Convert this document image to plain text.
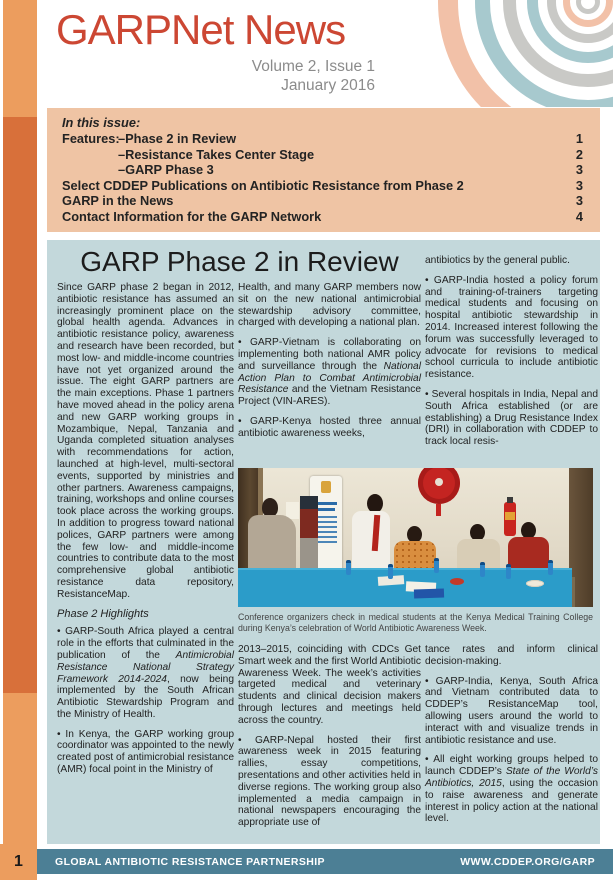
GARPNet News
Volume 2, Issue 1
January 2016
In this issue:
Features:
–Phase 2 in Review	1
–Resistance Takes Center Stage	2
–GARP Phase 3	3
Select CDDEP Publications on Antibiotic Resistance from Phase 2	3
GARP in the News	3
Contact Information for the GARP Network	4
GARP Phase 2 in Review

Since GARP phase 2 began in 2012, antibiotic resistance has assumed an increasingly prominent place on the global health agenda. Advances in antibiotic resistance policy, awareness and research have been recorded, but most low- and middle-income countries have not yet organized around the issue. The eight GARP partners are the main exceptions. Phase 1 partners have moved ahead in the policy arena and new GARP working groups in Mozambique, Nepal, Tanzania and Uganda completed situation analyses with recommendations for action, launched at high-level, multi-sectoral events, supported by ministries and other partners. Awareness campaigns, training, workshops and online courses took place across the working groups. In addition to progress toward national polices, GARP partners were among the few low- and middle-income countries to contribute data to the most comprehensive global antibiotic resistance data repository, ResistanceMap.

Phase 2 Highlights

• GARP-South Africa played a central role in the efforts that culminated in the publication of the Antimicrobial Resistance National Strategy Framework 2014-2024, now being implemented by the South African Antibiotic Stewardship Program and the Ministry of Health.

• In Kenya, the GARP working group coordinator was appointed to the newly created post of antimicrobial resistance (AMR) focal point in the Ministry of

Health, and many GARP members now sit on the new national antimicrobial stewardship advisory committee, charged with developing a national plan.

• GARP-Vietnam is collaborating on implementing both national AMR policy and surveillance through the National Action Plan to Combat Antimicrobial Resistance and the Vietnam Resistance Project (VIN-ARES).

• GARP-Kenya hosted three annual antibiotic awareness weeks,

antibiotics by the general public.

• GARP-India hosted a policy forum and training-of-trainers targeting medical students and focusing on hospital antibiotic stewardship in 2014. Increased interest following the forum was successfully leveraged to advocate for revisions to medical school curricula to include antibiotic resistance.

• Several hospitals in India, Nepal and South Africa established (or are establishing) a Drug Resistance Index (DRI) in collaboration with CDDEP to track local resis-

Conference organizers check in medical students at the Kenya Medical Training College during Kenya’s celebration of World Antibiotic Awareness Week.

2013–2015, coinciding with CDCs Get Smart week and the first World Antibiotic Awareness Week. The week’s activities targeted medical and veterinary students and clinical decision makers through lectures and meetings held across the country.

• GARP-Nepal hosted their first awareness week in 2015 featuring rallies, essay competitions, presentations and other activities held in diverse regions. The working group also implemented a media campaign in national newspapers encouraging the appropriate use of

tance rates and inform clinical decision-making.

• GARP-India, Kenya, South Africa and Vietnam contributed data to CDDEP’s ResistanceMap tool, allowing users around the world to interact with and visualize trends in antibiotic resistance and use.

• All eight working groups helped to launch CDDEP’s State of the World’s Antibiotics, 2015, using the occasion to raise awareness and generate interest in policy action at the national level.

1	GLOBAL ANTIBIOTIC RESISTANCE PARTNERSHIP	WWW.CDDEP.ORG/GARP
